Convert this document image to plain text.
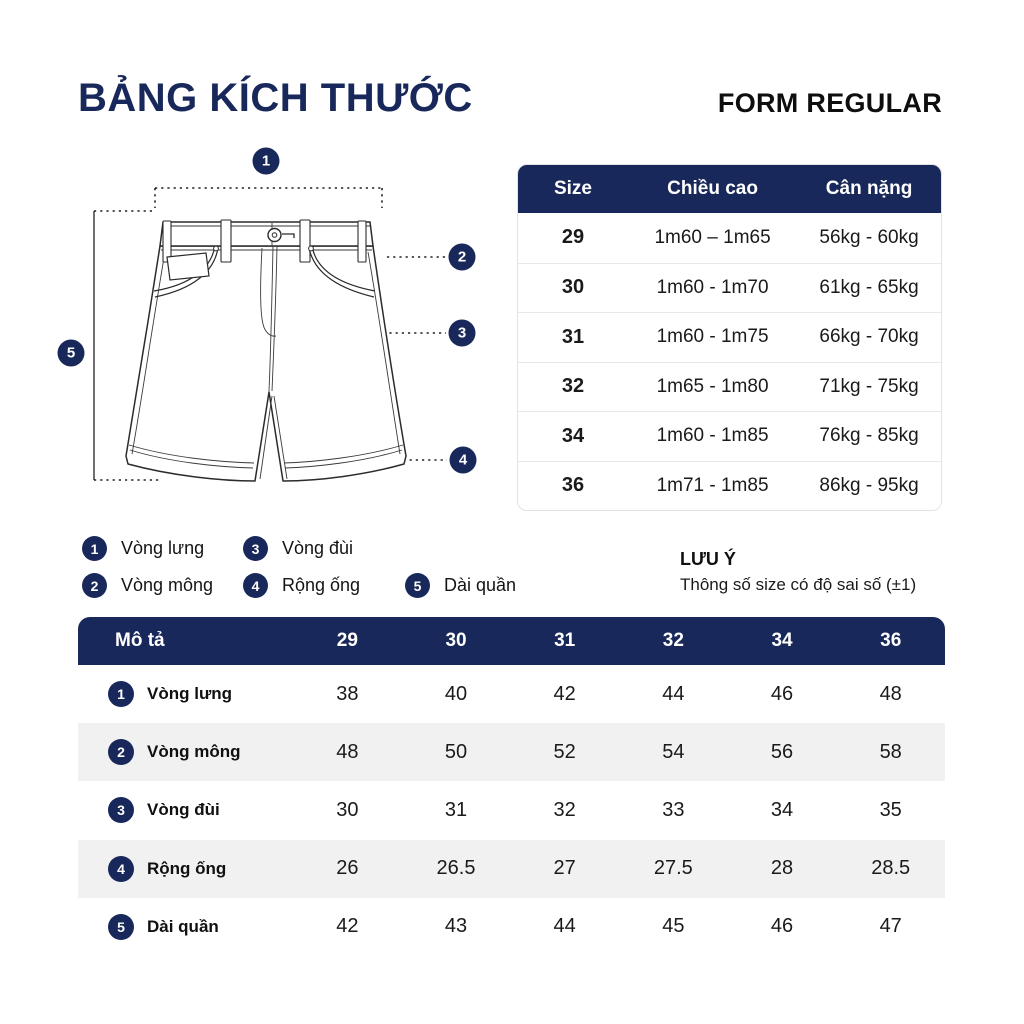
BẢNG KÍCH THƯỚC	FORM REGULAR
1
2
3
4
5
Size	Chiều cao	Cân nặng
29	1m60 – 1m65	56kg - 60kg
30	1m60 - 1m70	61kg - 65kg
31	1m60 - 1m75	66kg - 70kg
32	1m65 - 1m80	71kg - 75kg
34	1m60 - 1m85	76kg - 85kg
36	1m71 - 1m85	86kg - 95kg
1	Vòng lưng	3	Vòng đùi
2	Vòng mông	4	Rộng ống	5	Dài quần
LƯU Ý
Thông số size có độ sai số (±1)
Mô tả	29	30	31	32	34	36
1	Vòng lưng	38	40	42	44	46	48
2	Vòng mông	48	50	52	54	56	58
3	Vòng đùi	30	31	32	33	34	35
4	Rộng ống	26	26.5	27	27.5	28	28.5
5	Dài quần	42	43	44	45	46	47
